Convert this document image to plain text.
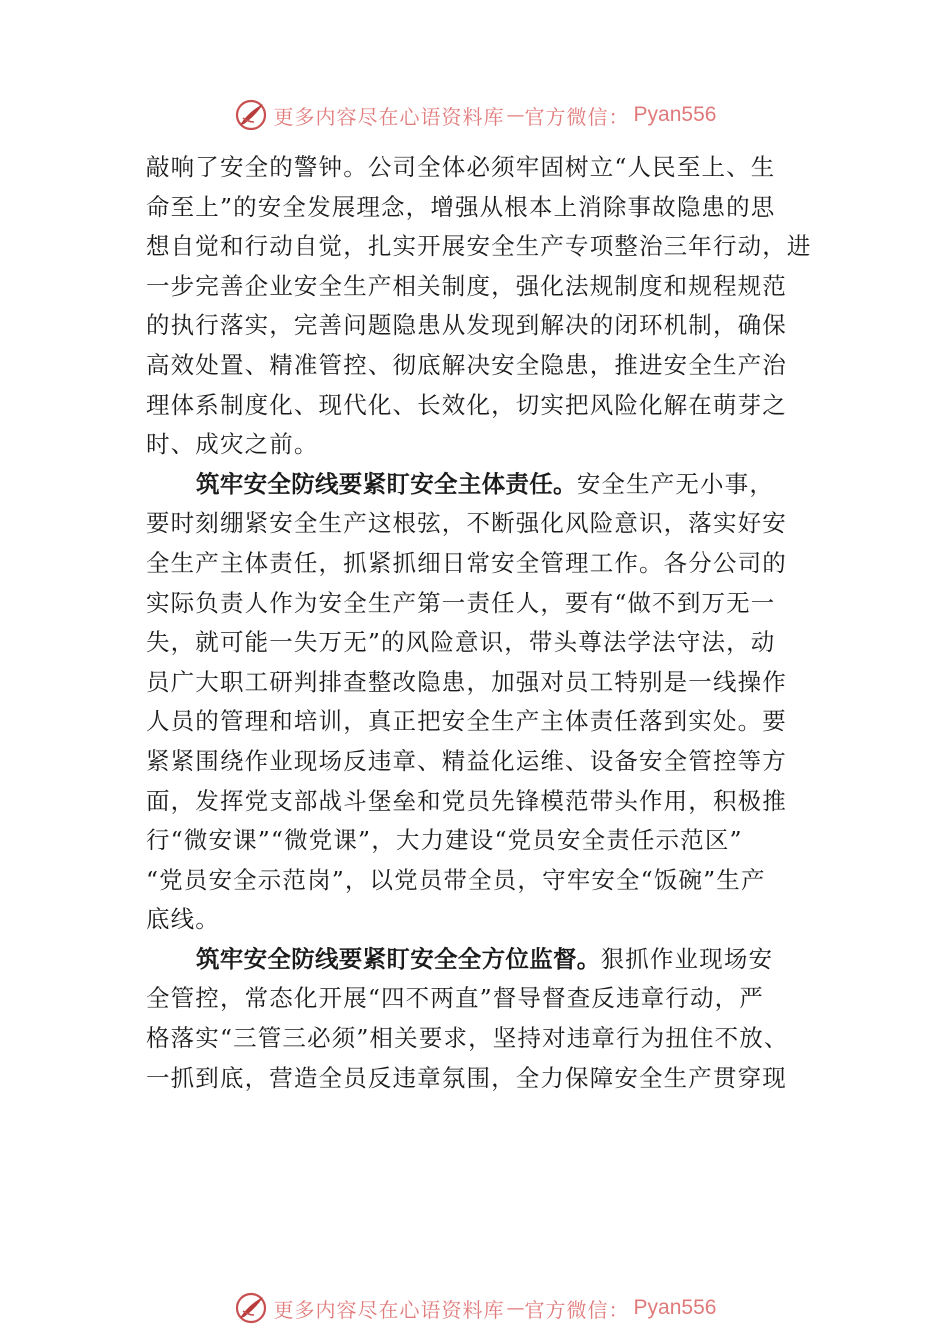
更多内容尽在心语资料库 — 官方微信： Pyan556
敲响了安全的警钟。公司全体必须牢固树立“人民至上、生
命至上”的安全发展理念，增强从根本上消除事故隐患的思
想自觉和行动自觉，扎实开展安全生产专项整治三年行动，进
一步完善企业安全生产相关制度，强化法规制度和规程规范
的执行落实，完善问题隐患从发现到解决的闭环机制，确保
高效处置、精准管控、彻底解决安全隐患，推进安全生产治
理体系制度化、现代化、长效化，切实把风险化解在萌芽之
时、成灾之前。
筑牢安全防线要紧盯安全主体责任。安全生产无小事，
要时刻绷紧安全生产这根弦，不断强化风险意识，落实好安
全生产主体责任，抓紧抓细日常安全管理工作。各分公司的
实际负责人作为安全生产第一责任人，要有“做不到万无一
失，就可能一失万无”的风险意识，带头尊法学法守法，动
员广大职工研判排查整改隐患，加强对员工特别是一线操作
人员的管理和培训，真正把安全生产主体责任落到实处。要
紧紧围绕作业现场反违章、精益化运维、设备安全管控等方
面，发挥党支部战斗堡垒和党员先锋模范带头作用，积极推
行“微安课”“微党课”，大力建设“党员安全责任示范区”
“党员安全示范岗”，以党员带全员，守牢安全“饭碗”生产
底线。
筑牢安全防线要紧盯安全全方位监督。狠抓作业现场安
全管控，常态化开展“四不两直”督导督查反违章行动，严
格落实“三管三必须”相关要求，坚持对违章行为扭住不放、
一抓到底，营造全员反违章氛围，全力保障安全生产贯穿现
更多内容尽在心语资料库 — 官方微信： Pyan556
